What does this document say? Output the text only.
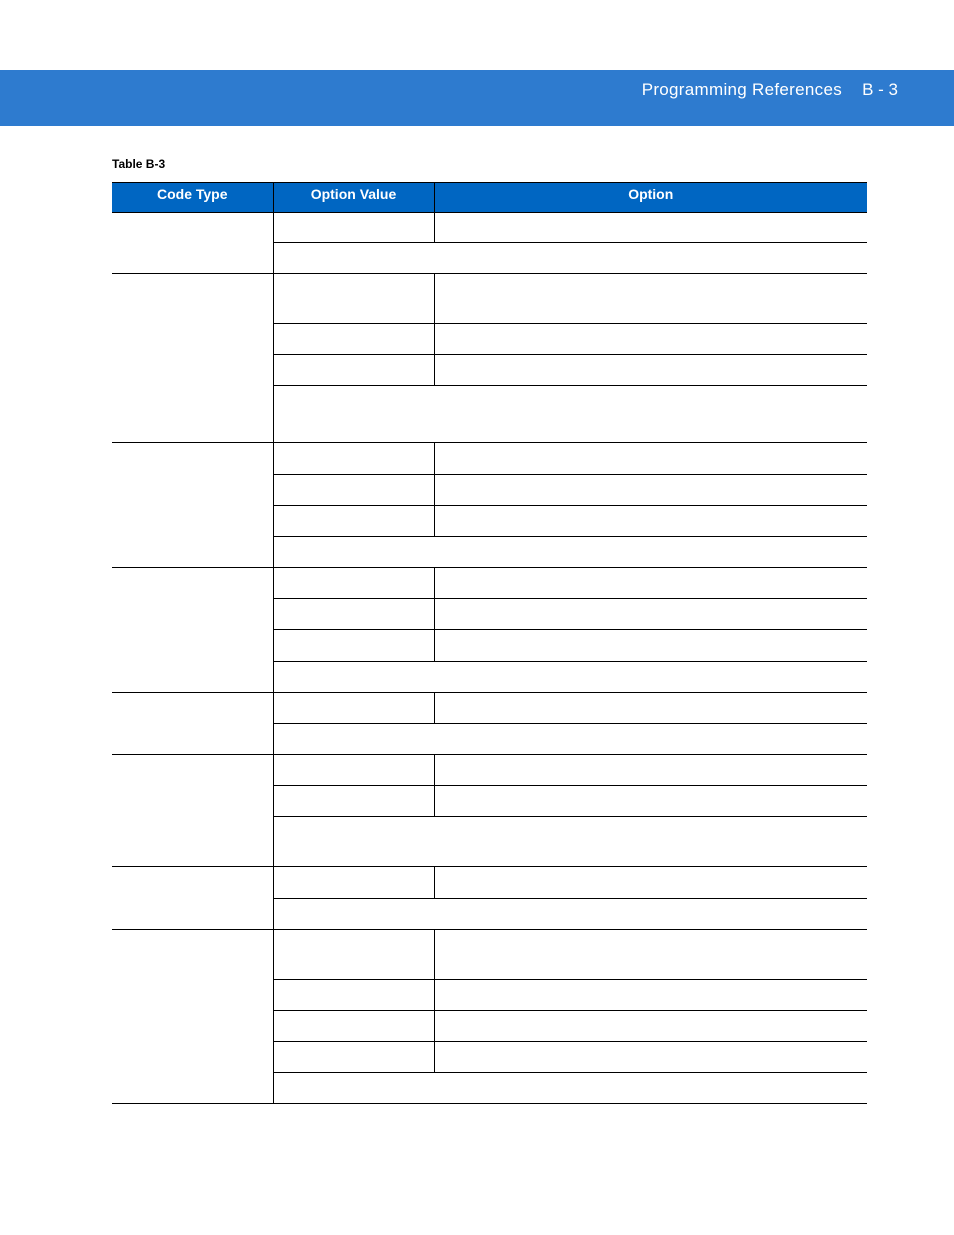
Programming References B - 3
Table B-3
Code Type	Option Value	Option
